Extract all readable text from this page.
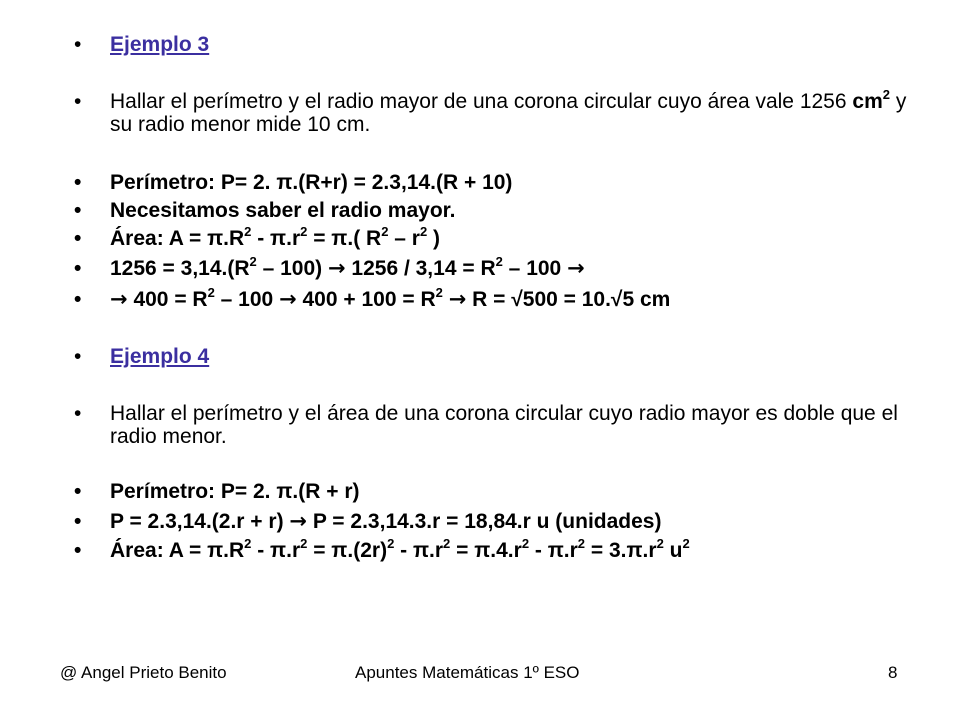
• Ejemplo 3
• Hallar el perímetro y el radio mayor de una corona circular cuyo área vale 1256 $cm^2$ y su radio menor mide 10 cm.
• Perímetro: P= 2. π.(R+r) = 2.3,14.(R + 10)
• Necesitamos saber el radio mayor.
• Área: $A = \pi.R^2 - \pi.r^2 = \pi$.( $R^2 - r^2$ )
• $1256 = 3,14.(R^2 - 100) \to 1256 / 3,14 = R^2 - 100$ →
• → $400 = R^2 - 100 \to 400 + 100 = R^2 \to R = √500 = 10.√5$ cm
• Ejemplo 4
• Hallar el perímetro y el área de una corona circular cuyo radio mayor es doble que el radio menor.
• Perímetro: P= 2. π.(R + r)
• P = 2.3,14.(2.r + r) → P = 2.3,14.3.r = 18,84.r u (unidades)
• Área: $A = \pi.R^2 - \pi.r^2 = \pi.(2r)^2 - \pi.r^2 = \pi.4.r^2 - \pi.r^2 = 3.\pi.r^2$ $u^2$
@ Angel Prieto Benito	Apuntes Matemáticas 1º ESO	8
